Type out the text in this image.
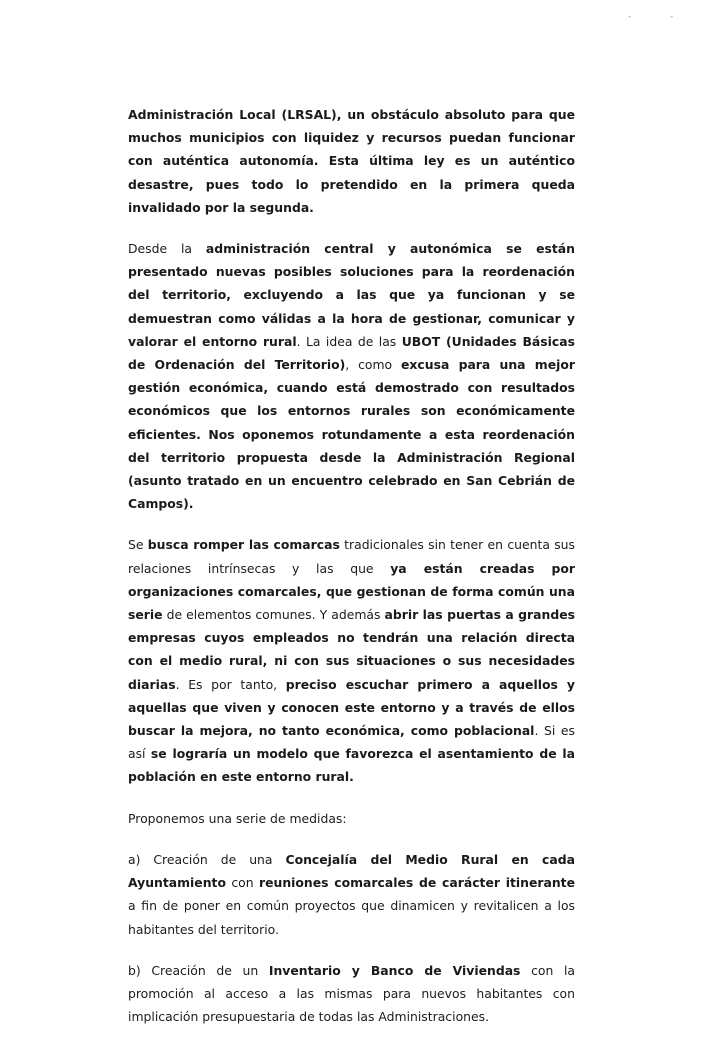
-	-

Administración Local (LRSAL), un obstáculo absoluto para que muchos municipios con liquidez y recursos puedan funcionar con auténtica autonomía. Esta última ley es un auténtico desastre, pues todo lo pretendido en la primera queda invalidado por la segunda.

Desde la administración central y autonómica se están presentado nuevas posibles soluciones para la reordenación del territorio, excluyendo a las que ya funcionan y se demuestran como válidas a la hora de gestionar, comunicar y valorar el entorno rural. La idea de las UBOT (Unidades Básicas de Ordenación del Territorio), como excusa para una mejor gestión económica, cuando está demostrado con resultados económicos que los entornos rurales son económicamente eficientes. Nos oponemos rotundamente a esta reordenación del territorio propuesta desde la Administración Regional (asunto tratado en un encuentro celebrado en San Cebrián de Campos).

Se busca romper las comarcas tradicionales sin tener en cuenta sus relaciones intrínsecas y las que ya están creadas por organizaciones comarcales, que gestionan de forma común una serie de elementos comunes. Y además abrir las puertas a grandes empresas cuyos empleados no tendrán una relación directa con el medio rural, ni con sus situaciones o sus necesidades diarias. Es por tanto, preciso escuchar primero a aquellos y aquellas que viven y conocen este entorno y a través de ellos buscar la mejora, no tanto económica, como poblacional. Si es así se lograría un modelo que favorezca el asentamiento de la población en este entorno rural.

Proponemos una serie de medidas:

a) Creación de una Concejalía del Medio Rural en cada Ayuntamiento con reuniones comarcales de carácter itinerante a fin de poner en común proyectos que dinamicen y revitalicen a los habitantes del territorio.

b) Creación de un Inventario y Banco de Viviendas con la promoción al acceso a las mismas para nuevos habitantes con implicación presupuestaria de todas las Administraciones.
